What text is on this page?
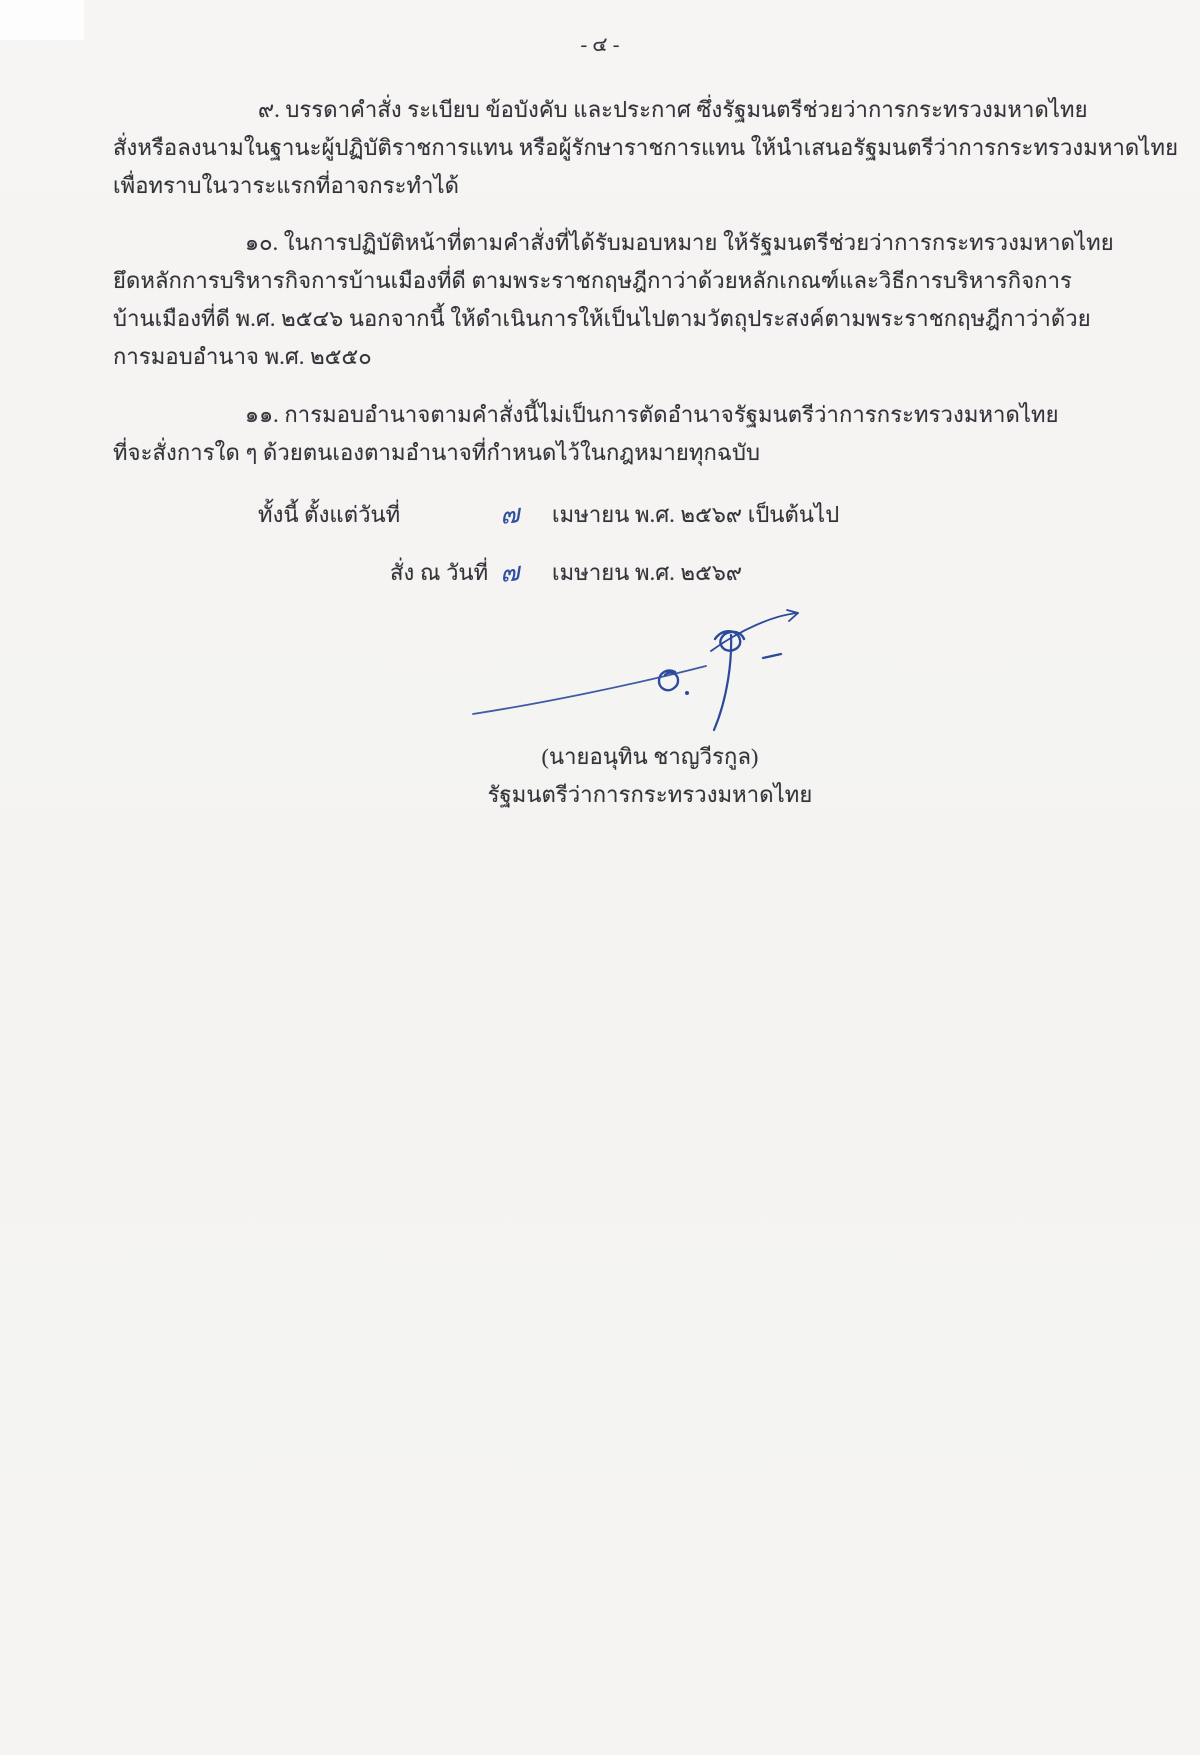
- ๔ -
๙. บรรดาคำสั่ง ระเบียบ ข้อบังคับ และประกาศ ซึ่งรัฐมนตรีช่วยว่าการกระทรวงมหาดไทย
สั่งหรือลงนามในฐานะผู้ปฏิบัติราชการแทน หรือผู้รักษาราชการแทน ให้นำเสนอรัฐมนตรีว่าการกระทรวงมหาดไทย
เพื่อทราบในวาระแรกที่อาจกระทำได้
๑๐. ในการปฏิบัติหน้าที่ตามคำสั่งที่ได้รับมอบหมาย ให้รัฐมนตรีช่วยว่าการกระทรวงมหาดไทย
ยึดหลักการบริหารกิจการบ้านเมืองที่ดี ตามพระราชกฤษฎีกาว่าด้วยหลักเกณฑ์และวิธีการบริหารกิจการ
บ้านเมืองที่ดี พ.ศ. ๒๕๔๖ นอกจากนี้ ให้ดำเนินการให้เป็นไปตามวัตถุประสงค์ตามพระราชกฤษฎีกาว่าด้วย
การมอบอำนาจ พ.ศ. ๒๕๕๐
๑๑. การมอบอำนาจตามคำสั่งนี้ไม่เป็นการตัดอำนาจรัฐมนตรีว่าการกระทรวงมหาดไทย
ที่จะสั่งการใด ๆ ด้วยตนเองตามอำนาจที่กำหนดไว้ในกฎหมายทุกฉบับ
ทั้งนี้ ตั้งแต่วันที่	๗ เมษายน พ.ศ. ๒๕๖๙ เป็นต้นไป
สั่ง ณ วันที่ ๗ เมษายน พ.ศ. ๒๕๖๙
(นายอนุทิน ชาญวีรกูล)
รัฐมนตรีว่าการกระทรวงมหาดไทย
